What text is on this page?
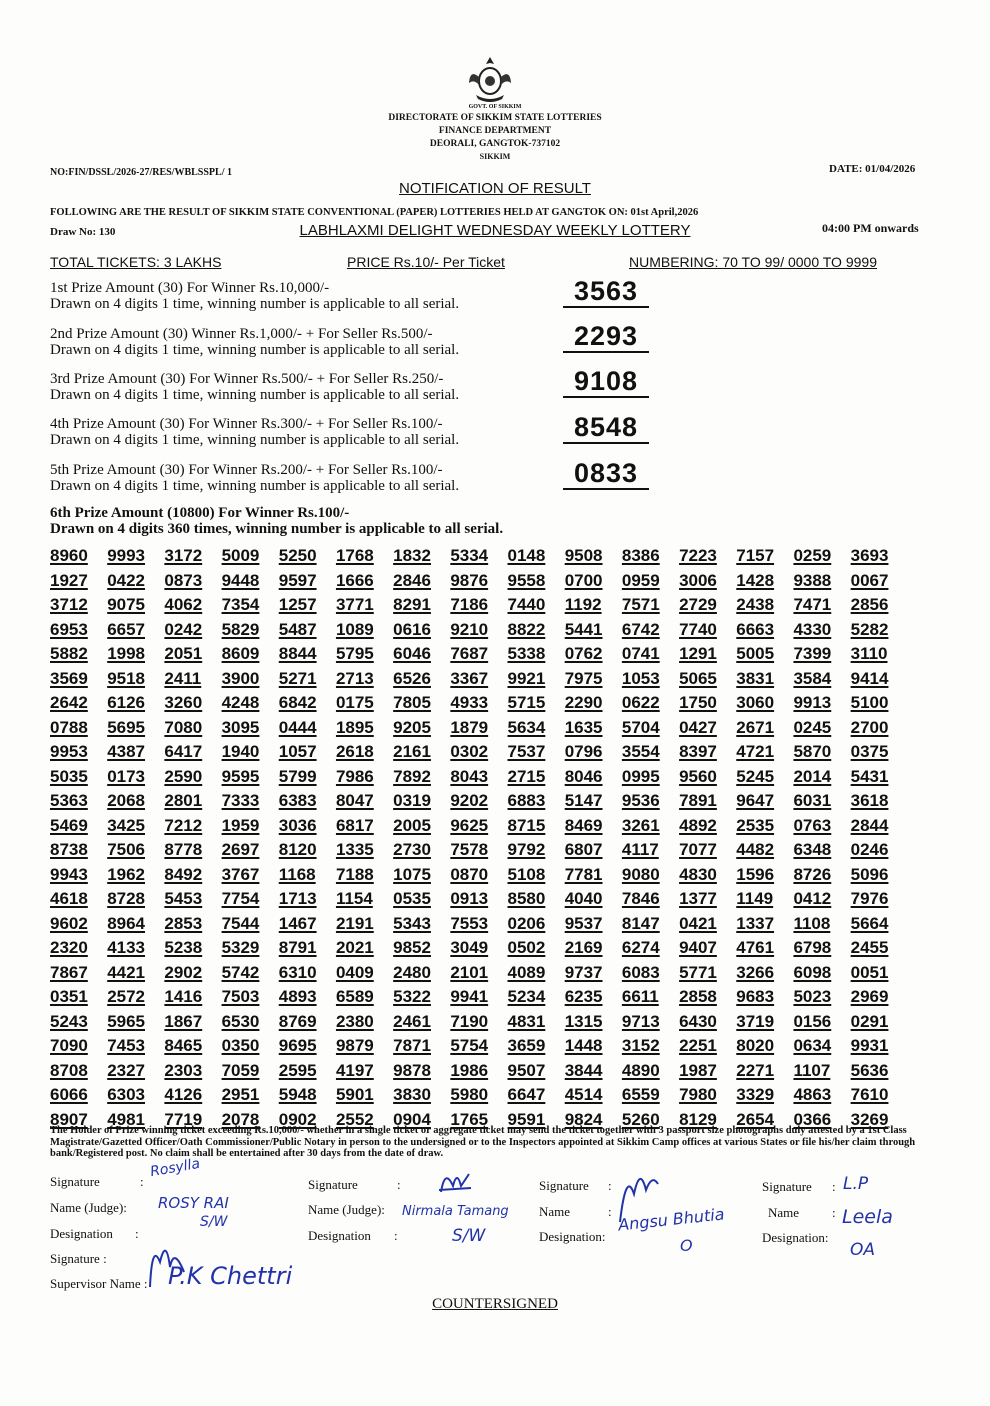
GOVT. OF SIKKIM
DIRECTORATE OF SIKKIM STATE LOTTERIES
FINANCE DEPARTMENT
DEORALI, GANGTOK-737102
SIKKIM
NO:FIN/DSSL/2026-27/RES/WBLSSPL/ 1	DATE: 01/04/2026
NOTIFICATION OF RESULT
FOLLOWING ARE THE RESULT OF SIKKIM STATE CONVENTIONAL (PAPER) LOTTERIES HELD AT GANGTOK ON: 01st April,2026
Draw No: 130	LABHLAXMI DELIGHT WEDNESDAY WEEKLY LOTTERY	04:00 PM onwards
TOTAL TICKETS: 3 LAKHS	PRICE Rs.10/- Per Ticket	NUMBERING: 70 TO 99/ 0000 TO 9999
1st Prize Amount (30) For Winner Rs.10,000/-
Drawn on 4 digits 1 time, winning number is applicable to all serial.	3563
2nd Prize Amount (30) Winner Rs.1,000/- + For Seller Rs.500/-
Drawn on 4 digits 1 time, winning number is applicable to all serial.	2293
3rd Prize Amount (30) For Winner Rs.500/- + For Seller Rs.250/-
Drawn on 4 digits 1 time, winning number is applicable to all serial.	9108
4th Prize Amount (30) For Winner Rs.300/- + For Seller Rs.100/-
Drawn on 4 digits 1 time, winning number is applicable to all serial.	8548
5th Prize Amount (30) For Winner Rs.200/- + For Seller Rs.100/-
Drawn on 4 digits 1 time, winning number is applicable to all serial.	0833
6th Prize Amount (10800) For Winner Rs.100/-
Drawn on 4 digits 360 times, winning number is applicable to all serial.
8960	9993	3172	5009	5250	1768	1832	5334	0148	9508	8386	7223	7157	0259	3693
1927	0422	0873	9448	9597	1666	2846	9876	9558	0700	0959	3006	1428	9388	0067
3712	9075	4062	7354	1257	3771	8291	7186	7440	1192	7571	2729	2438	7471	2856
6953	6657	0242	5829	5487	1089	0616	9210	8822	5441	6742	7740	6663	4330	5282
5882	1998	2051	8609	8844	5795	6046	7687	5338	0762	0741	1291	5005	7399	3110
3569	9518	2411	3900	5271	2713	6526	3367	9921	7975	1053	5065	3831	3584	9414
2642	6126	3260	4248	6842	0175	7805	4933	5715	2290	0622	1750	3060	9913	5100
0788	5695	7080	3095	0444	1895	9205	1879	5634	1635	5704	0427	2671	0245	2700
9953	4387	6417	1940	1057	2618	2161	0302	7537	0796	3554	8397	4721	5870	0375
5035	0173	2590	9595	5799	7986	7892	8043	2715	8046	0995	9560	5245	2014	5431
5363	2068	2801	7333	6383	8047	0319	9202	6883	5147	9536	7891	9647	6031	3618
5469	3425	7212	1959	3036	6817	2005	9625	8715	8469	3261	4892	2535	0763	2844
8738	7506	8778	2697	8120	1335	2730	7578	9792	6807	4117	7077	4482	6348	0246
9943	1962	8492	3767	1168	7188	1075	0870	5108	7781	9080	4830	1596	8726	5096
4618	8728	5453	7754	1713	1154	0535	0913	8580	4040	7846	1377	1149	0412	7976
9602	8964	2853	7544	1467	2191	5343	7553	0206	9537	8147	0421	1337	1108	5664
2320	4133	5238	5329	8791	2021	9852	3049	0502	2169	6274	9407	4761	6798	2455
7867	4421	2902	5742	6310	0409	2480	2101	4089	9737	6083	5771	3266	6098	0051
0351	2572	1416	7503	4893	6589	5322	9941	5234	6235	6611	2858	9683	5023	2969
5243	5965	1867	6530	8769	2380	2461	7190	4831	1315	9713	6430	3719	0156	0291
7090	7453	8465	0350	9695	9879	7871	5754	3659	1448	3152	2251	8020	0634	9931
8708	2327	2303	7059	2595	4197	9878	1986	9507	3844	4890	1987	2271	1107	5636
6066	6303	4126	2951	5948	5901	3830	5980	6647	4514	6559	7980	3329	4863	7610
8907	4981	7719	2078	0902	2552	0904	1765	9591	9824	5260	8129	2654	0366	3269
The Holder of Prize winning ticket exceeding Rs.10,000/- whether in a single ticket or aggregate ticket may send the ticket together with 3 passport size photographs duly attested by a 1st Class Magistrate/Gazetted Officer/Oath Commissioner/Public Notary in person to the undersigned or to the Inspectors appointed at Sikkim Camp offices at various States or file his/her claim through bank/Registered post. No claim shall be entertained after 30 days from the date of draw.
Signature	:
Rosylla
Name (Judge): ROSY RAI
Designation :
S/W
Signature :
Supervisor Name : P.K Chettri
Signature	:
Name (Judge): Nirmala Tamang
Designation :	S/W
Signature :
Name	: Angsu Bhutia
Designation:	O
Signature : L.P
Name	: Leela
Designation:
OA
COUNTERSIGNED
